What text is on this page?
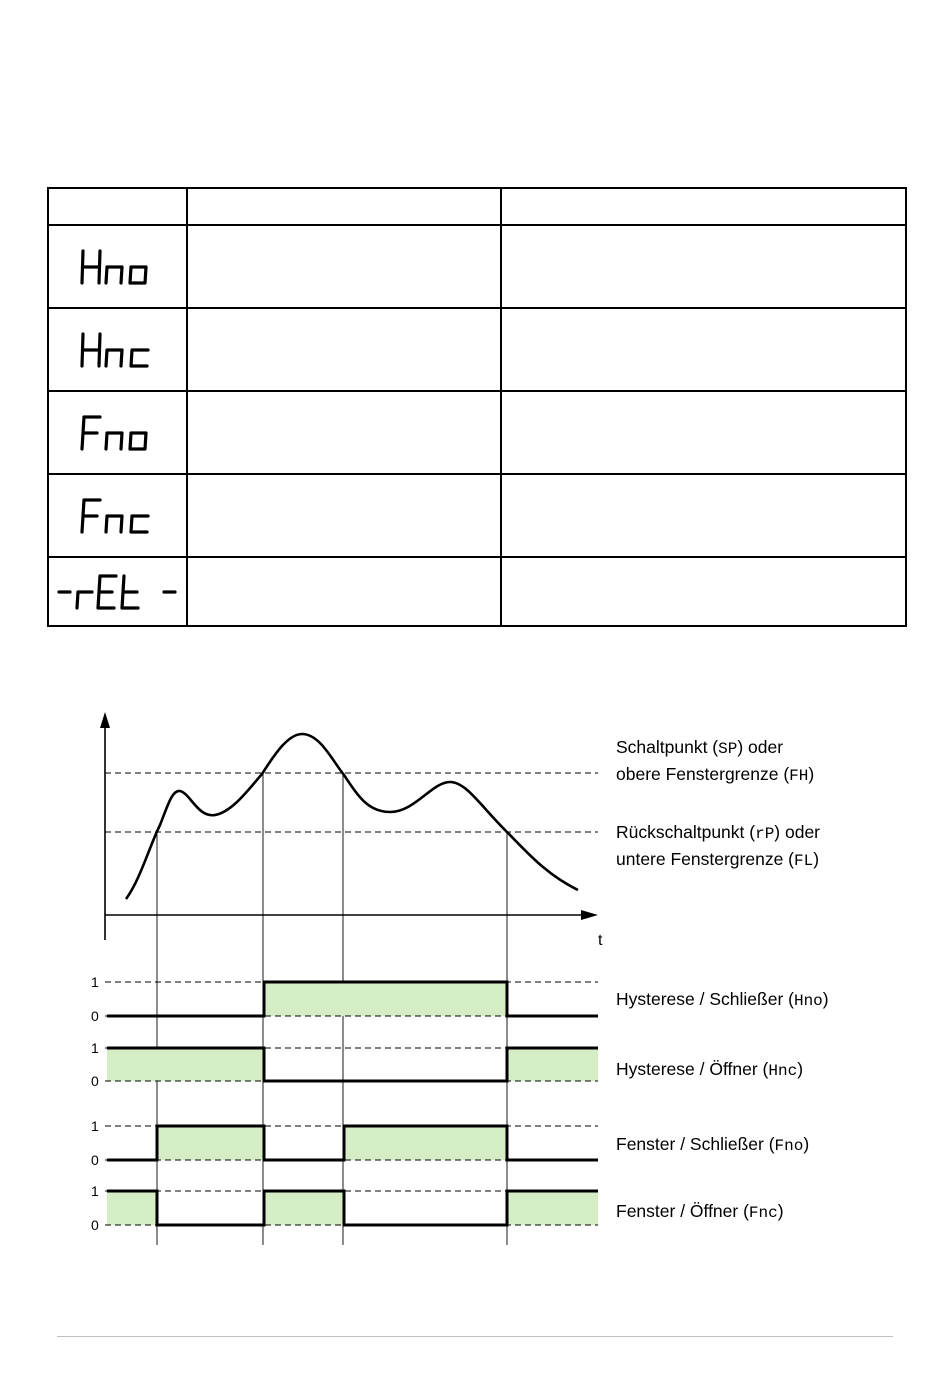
t
1
0
1
0
1
0
1
0
Schaltpunkt (SP) oder
obere Fenstergrenze (FH)
Rückschaltpunkt (rP) oder
untere Fenstergrenze (FL)
Hysterese / Schließer (Hno)
Hysterese / Öffner (Hnc)
Fenster / Schließer (Fno)
Fenster / Öffner (Fnc)
